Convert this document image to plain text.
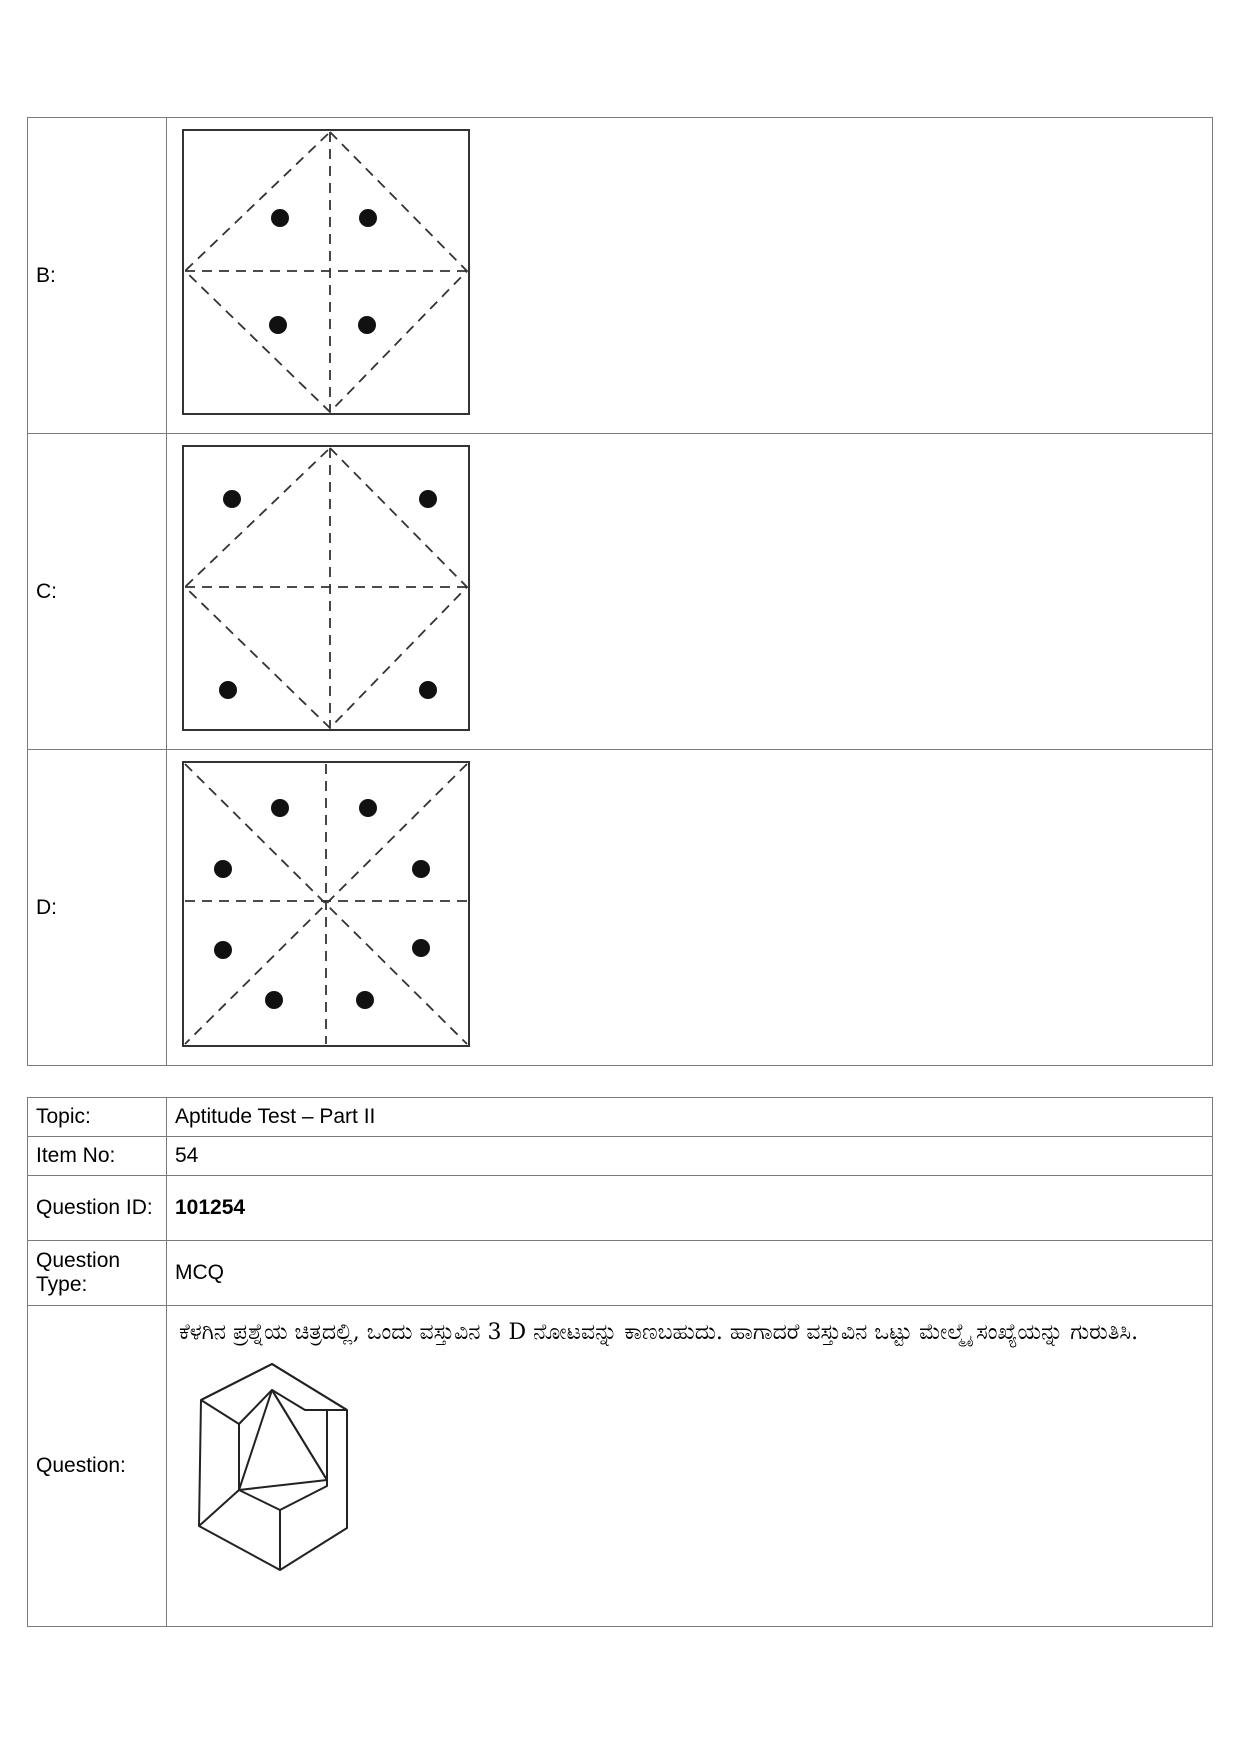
B:	
C:	
D:	
Topic:	Aptitude Test – Part II
Item No:	54
Question ID:	101254
Question Type:	MCQ
Question:	ಕೆಳಗಿನ ಪ್ರಶ್ನೆಯ ಚಿತ್ರದಲ್ಲಿ, ಒಂದು ವಸ್ತುವಿನ 3 D ನೋಟವನ್ನು ಕಾಣಬಹುದು. ಹಾಗಾದರೆ ವಸ್ತುವಿನ ಒಟ್ಟು ಮೇಲ್ಮೈ ಸಂಖ್ಯೆಯನ್ನು ಗುರುತಿಸಿ.
